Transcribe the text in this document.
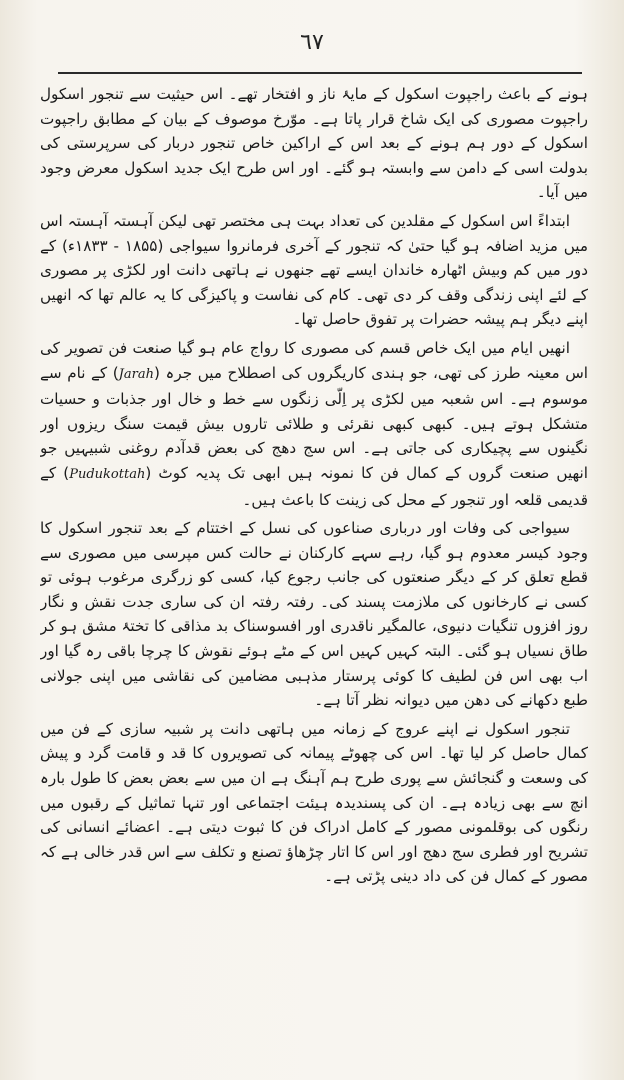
٦٧

ہونے کے باعث راجپوت اسکول کے مایۂ ناز و افتخار تھے۔ اس حیثیت سے تنجور اسکول راجپوت مصوری کی ایک شاخ قرار پاتا ہے۔ موّرخ موصوف کے بیان کے مطابق راجپوت اسکول کے دور ہم ہونے کے بعد اس کے اراکین خاص تنجور دربار کی سرپرستی کی بدولت اسی کے دامن سے وابستہ ہو گئے۔ اور اس طرح ایک جدید اسکول معرض وجود میں آیا۔

ابتداءً اس اسکول کے مقلدین کی تعداد بہت ہی مختصر تھی لیکن آہستہ آہستہ اس میں مزید اضافہ ہو گیا حتیٰ کہ تنجور کے آخری فرمانروا سیواجی (۱۸۵۵ - ۱۸۳۳ء) کے دور میں کم وبیش اٹھارہ خاندان ایسے تھے جنھوں نے ہاتھی دانت اور لکڑی پر مصوری کے لئے اپنی زندگی وقف کر دی تھی۔ کام کی نفاست و پاکیزگی کا یہ عالم تھا کہ انھیں اپنے دیگر ہم پیشہ حضرات پر تفوق حاصل تھا۔

انھیں ایام میں ایک خاص قسم کی مصوری کا رواج عام ہو گیا صنعت فن تصویر کی اس معینہ طرز کی تھی، جو ہندی کاریگروں کی اصطلاح میں جرہ (Jarah) کے نام سے موسوم ہے۔ اس شعبہ میں لکڑی پر اِلّی زنگوں سے خط و خال اور جذبات و حسیات متشکل ہوتے ہیں۔ کبھی کبھی نقرئی و طلائی تاروں بیش قیمت سنگ ریزوں اور نگینوں سے پچیکاری کی جاتی ہے۔ اس سج دھج کی بعض قدآدم روغنی شبیہیں جو انھیں صنعت گروں کے کمال فن کا نمونہ ہیں ابھی تک پدیہ کوٹ (Pudukottah) کے قدیمی قلعہ اور تنجور کے محل کی زینت کا باعث ہیں۔

سیواجی کی وفات اور درباری صناعوں کی نسل کے اختتام کے بعد تنجور اسکول کا وجود کیسر معدوم ہو گیا، رہے سہے کارکنان نے حالت کس مپرسی میں مصوری سے قطع تعلق کر کے دیگر صنعتوں کی جانب رجوع کیا، کسی کو زرگری مرغوب ہوئی تو کسی نے کارخانوں کی ملازمت پسند کی۔ رفتہ رفتہ ان کی ساری جدت نقش و نگار روز افزوں تنگیات دنیوی، عالمگیر ناقدری اور افسوسناک بد مذاقی کا تختۂ مشق ہو کر طاق نسیاں ہو گئی۔ البتہ کہیں کہیں اس کے مٹے ہوئے نقوش کا چرچا باقی رہ گیا اور اب بھی اس فن لطیف کا کوئی پرستار مذہبی مضامین کی نقاشی میں اپنی جولانی طبع دکھانے کی دھن میں دیوانہ نظر آتا ہے۔

تنجور اسکول نے اپنے عروج کے زمانہ میں ہاتھی دانت پر شبیہ سازی کے فن میں کمال حاصل کر لیا تھا۔ اس کی چھوٹے پیمانہ کی تصویروں کا قد و قامت گرد و پیش کی وسعت و گنجائش سے پوری طرح ہم آہنگ ہے ان میں سے بعض بعض کا طول بارہ انچ سے بھی زیادہ ہے۔ ان کی پسندیدہ ہیئت اجتماعی اور تنہا تماثیل کے رقبوں میں رنگوں کی بوقلمونی مصور کے کامل ادراک فن کا ثبوت دیتی ہے۔ اعضائے انسانی کی تشریح اور فطری سج دھج اور اس کا اتار چڑھاؤ تصنع و تکلف سے اس قدر خالی ہے کہ مصور کے کمال فن کی داد دینی پڑتی ہے۔
